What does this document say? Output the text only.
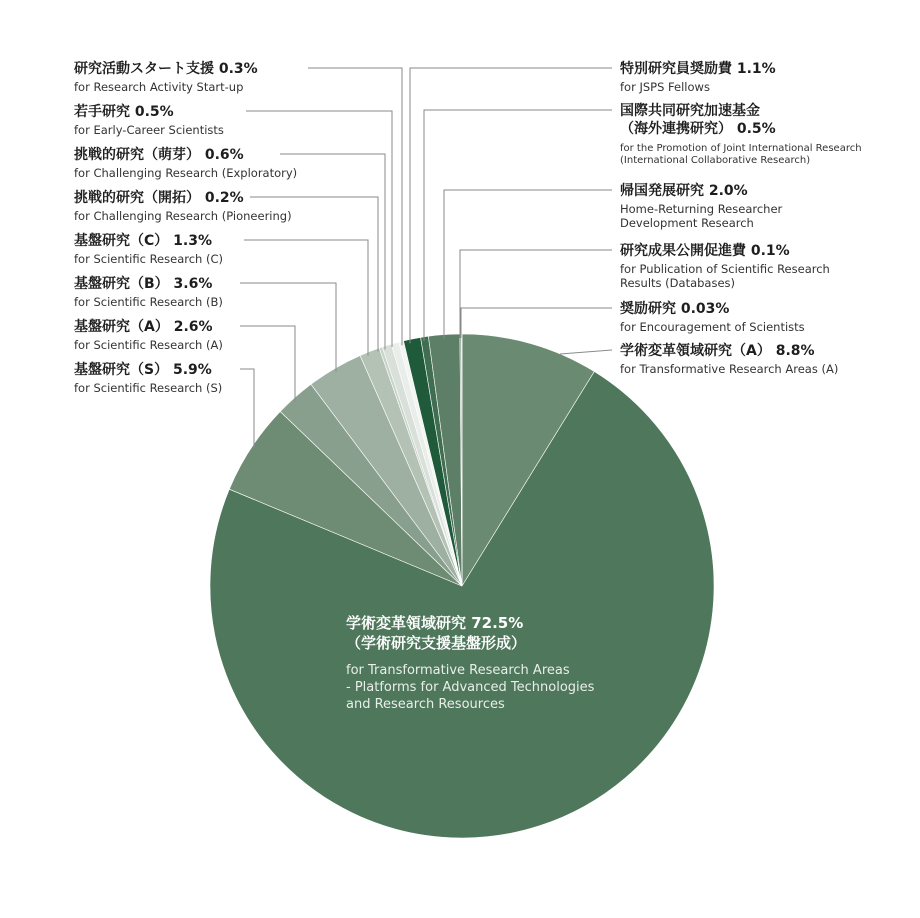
学術変革領域研究（A） 8.8%
for Transformative Research Areas (A)
学術変革領域研究 72.5%
（学術研究支援基盤形成）
for Transformative Research Areas
- Platforms for Advanced Technologies
and Research Resources
基盤研究（S） 5.9%
for Scientific Research (S)
基盤研究（A） 2.6%
for Scientific Research (A)
基盤研究（B） 3.6%
for Scientific Research (B)
基盤研究（C） 1.3%
for Scientific Research (C)
挑戦的研究（開拓） 0.2%
for Challenging Research (Pioneering)
挑戦的研究（萌芽） 0.6%
for Challenging Research (Exploratory)
若手研究 0.5%
for Early-Career Scientists
研究活動スタート支援 0.3%
for Research Activity Start-up
特別研究員奨励費 1.1%
for JSPS Fellows
国際共同研究加速基金
（海外連携研究） 0.5%
for the Promotion of Joint International Research
(International Collaborative Research)
帰国発展研究 2.0%
Home-Returning Researcher
Development Research
研究成果公開促進費 0.1%
for Publication of Scientific Research
Results (Databases)
奨励研究 0.03%
for Encouragement of Scientists
